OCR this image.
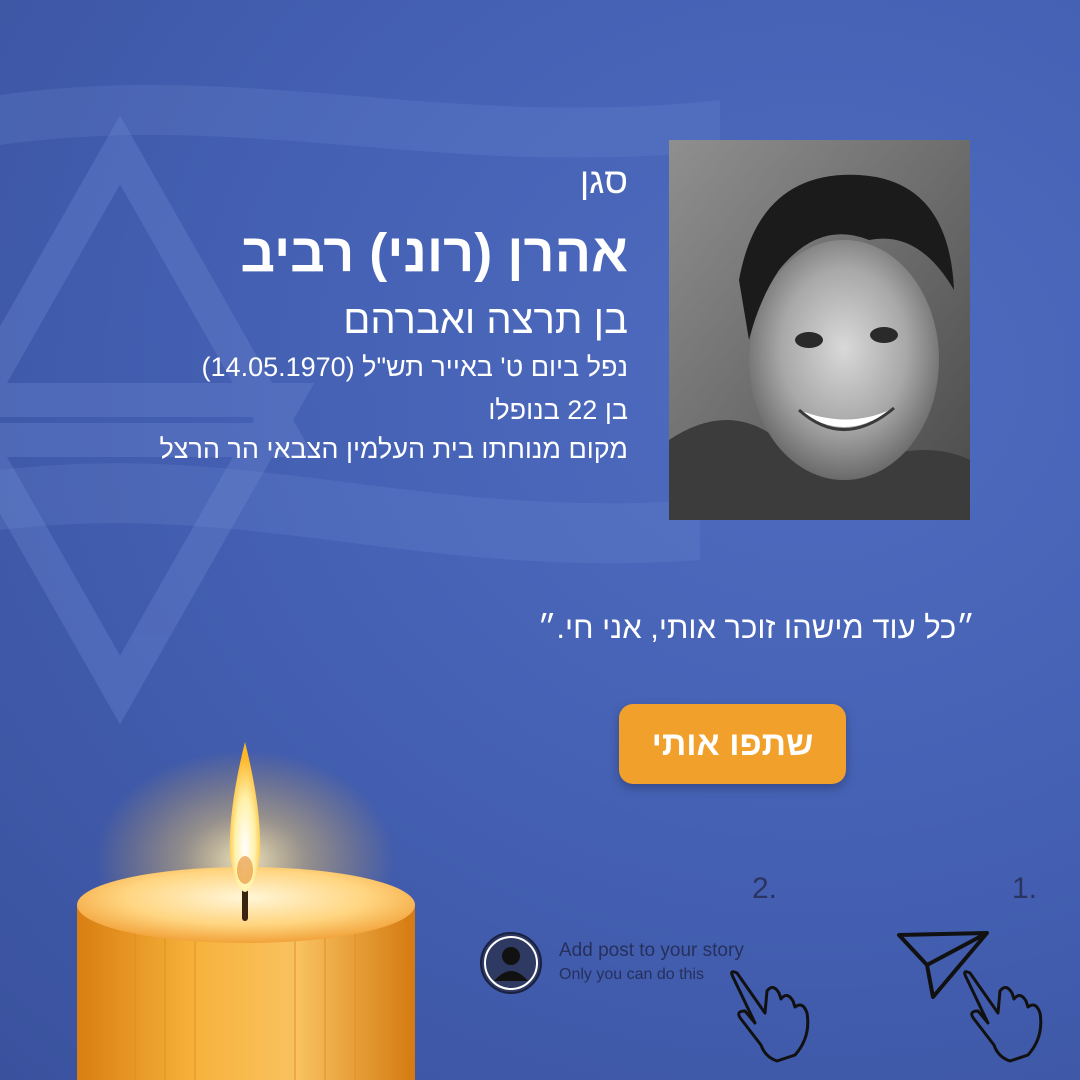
סגן
אהרן (רוני) רביב
בן תרצה ואברהם
נפל ביום ט' באייר תש"ל (14.05.1970)
בן 22 בנופלו
מקום מנוחתו בית העלמין הצבאי הר הרצל
״כל עוד מישהו זוכר אותי, אני חי.״
שתפו אותי
1.
2.
Add post to your story
Only you can do this
